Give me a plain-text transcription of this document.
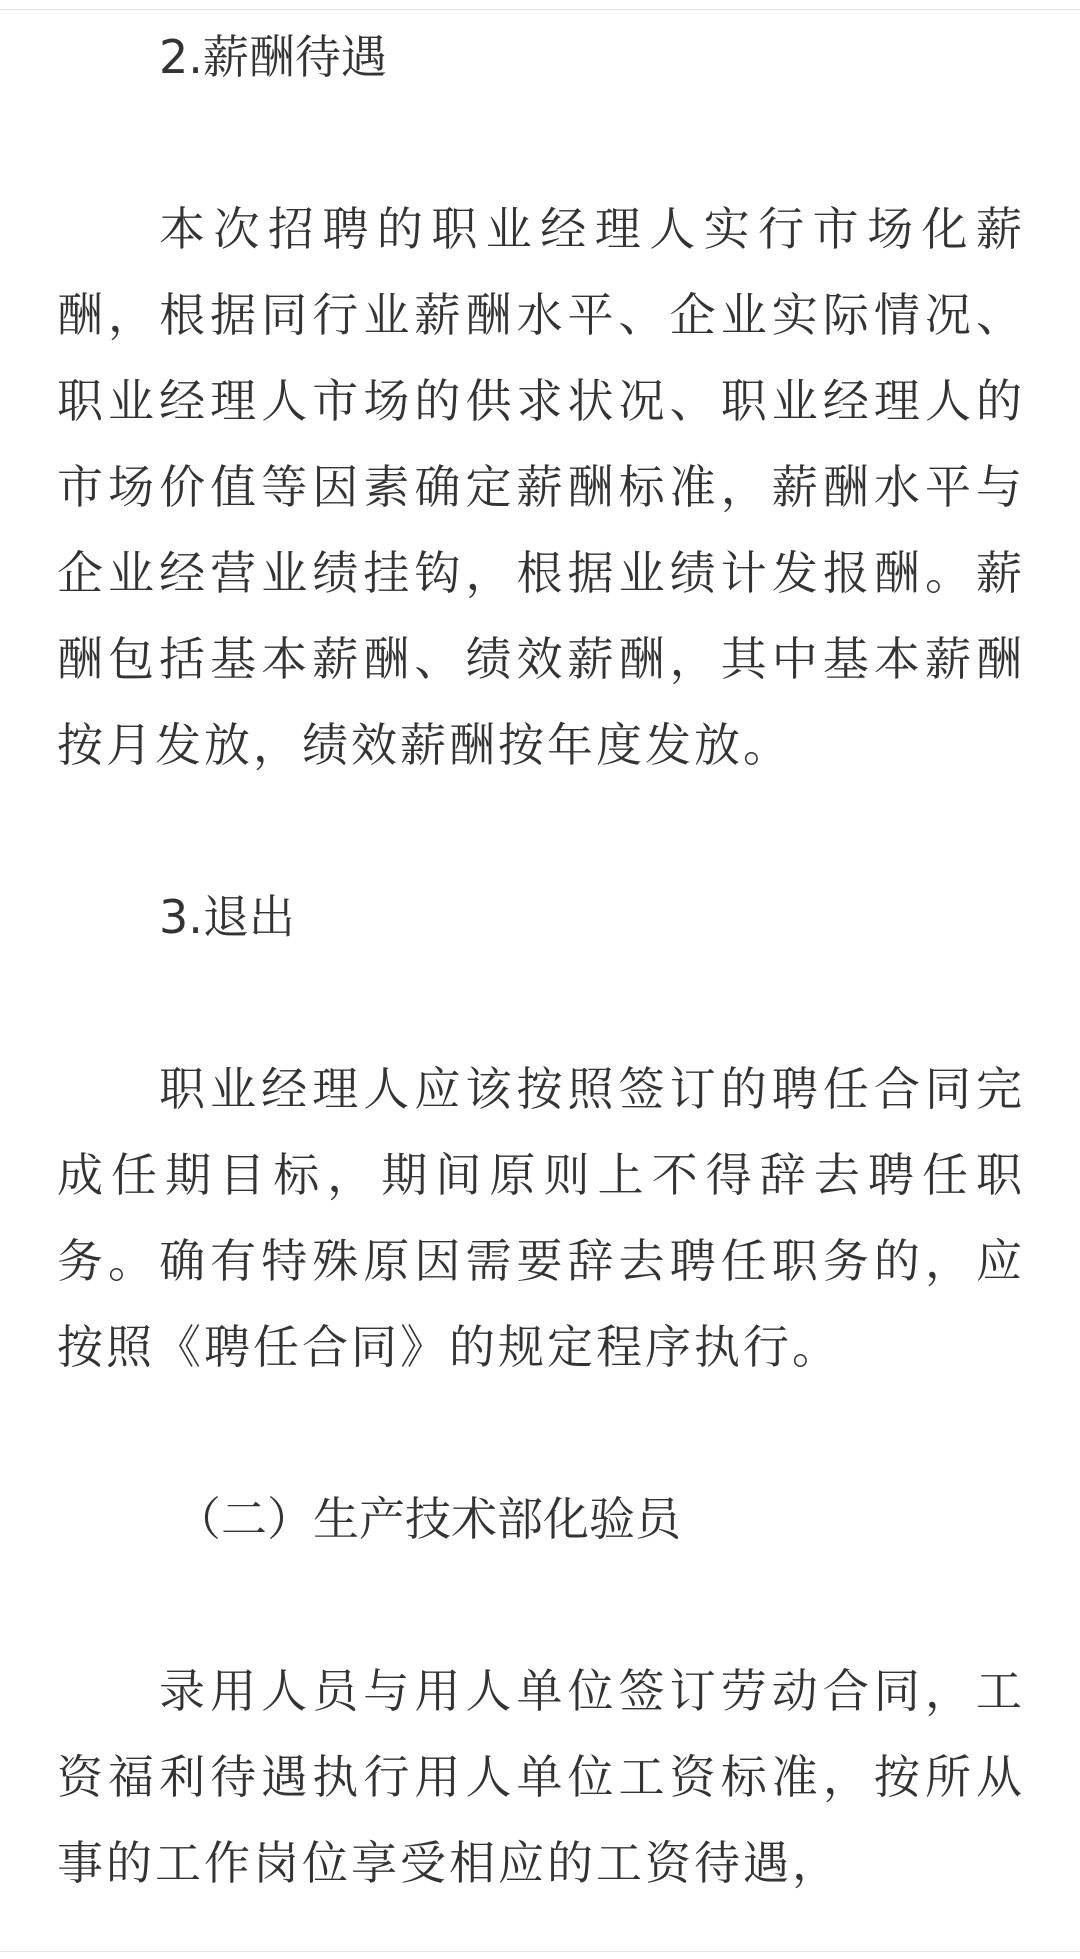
2.薪酬待遇

本次招聘的职业经理人实行市场化薪酬，根据同行业薪酬水平、企业实际情况、职业经理人市场的供求状况、职业经理人的市场价值等因素确定薪酬标准，薪酬水平与企业经营业绩挂钩，根据业绩计发报酬。薪酬包括基本薪酬、绩效薪酬，其中基本薪酬按月发放，绩效薪酬按年度发放。

3.退出

职业经理人应该按照签订的聘任合同完成任期目标，期间原则上不得辞去聘任职务。确有特殊原因需要辞去聘任职务的，应按照《聘任合同》的规定程序执行。

（二）生产技术部化验员

录用人员与用人单位签订劳动合同，工资福利待遇执行用人单位工资标准，按所从事的工作岗位享受相应的工资待遇，
